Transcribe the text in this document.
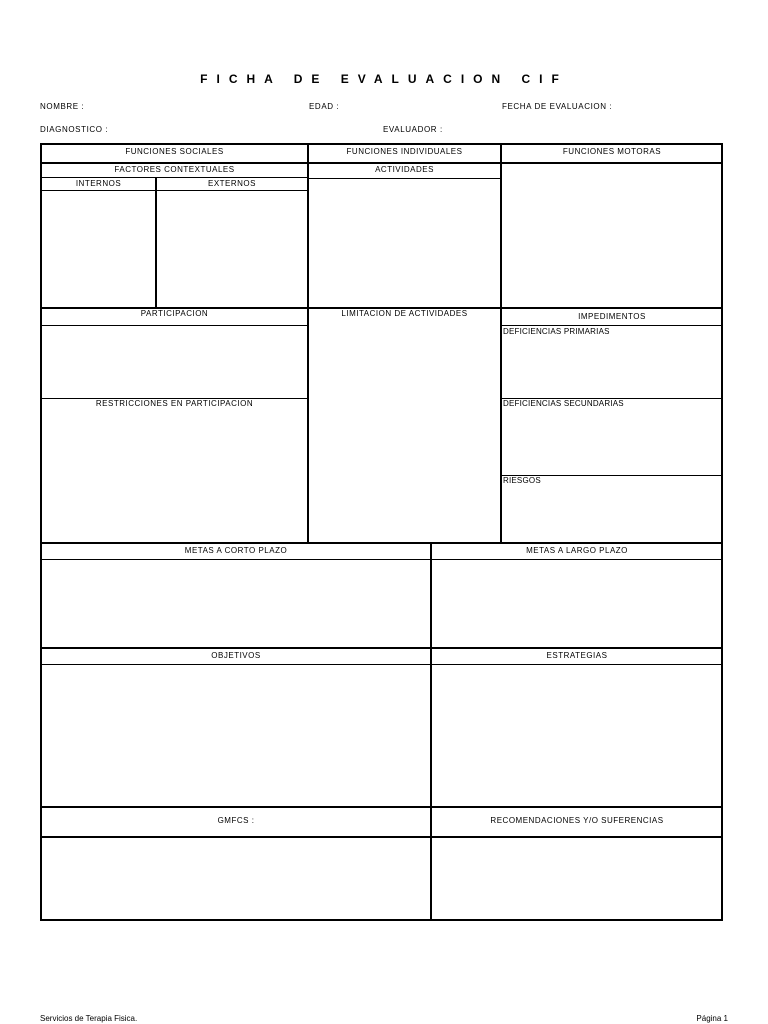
FICHA DE EVALUACION CIF
NOMBRE :	EDAD :	FECHA DE EVALUACION :
DIAGNOSTICO :	EVALUADOR :
FUNCIONES SOCIALES	FUNCIONES INDIVIDUALES	FUNCIONES MOTORAS
FACTORES CONTEXTUALES
INTERNOS	EXTERNOS
ACTIVIDADES
PARTICIPACION	LIMITACION DE ACTIVIDADES	IMPEDIMENTOS
DEFICIENCIAS PRIMARIAS
RESTRICCIONES EN PARTICIPACION	DEFICIENCIAS SECUNDARIAS
RIESGOS
METAS A CORTO PLAZO	METAS A LARGO PLAZO
OBJETIVOS	ESTRATEGIAS
GMFCS :	RECOMENDACIONES Y/O SUFERENCIAS
Servicios de Terapia Fisica.	Página 1
